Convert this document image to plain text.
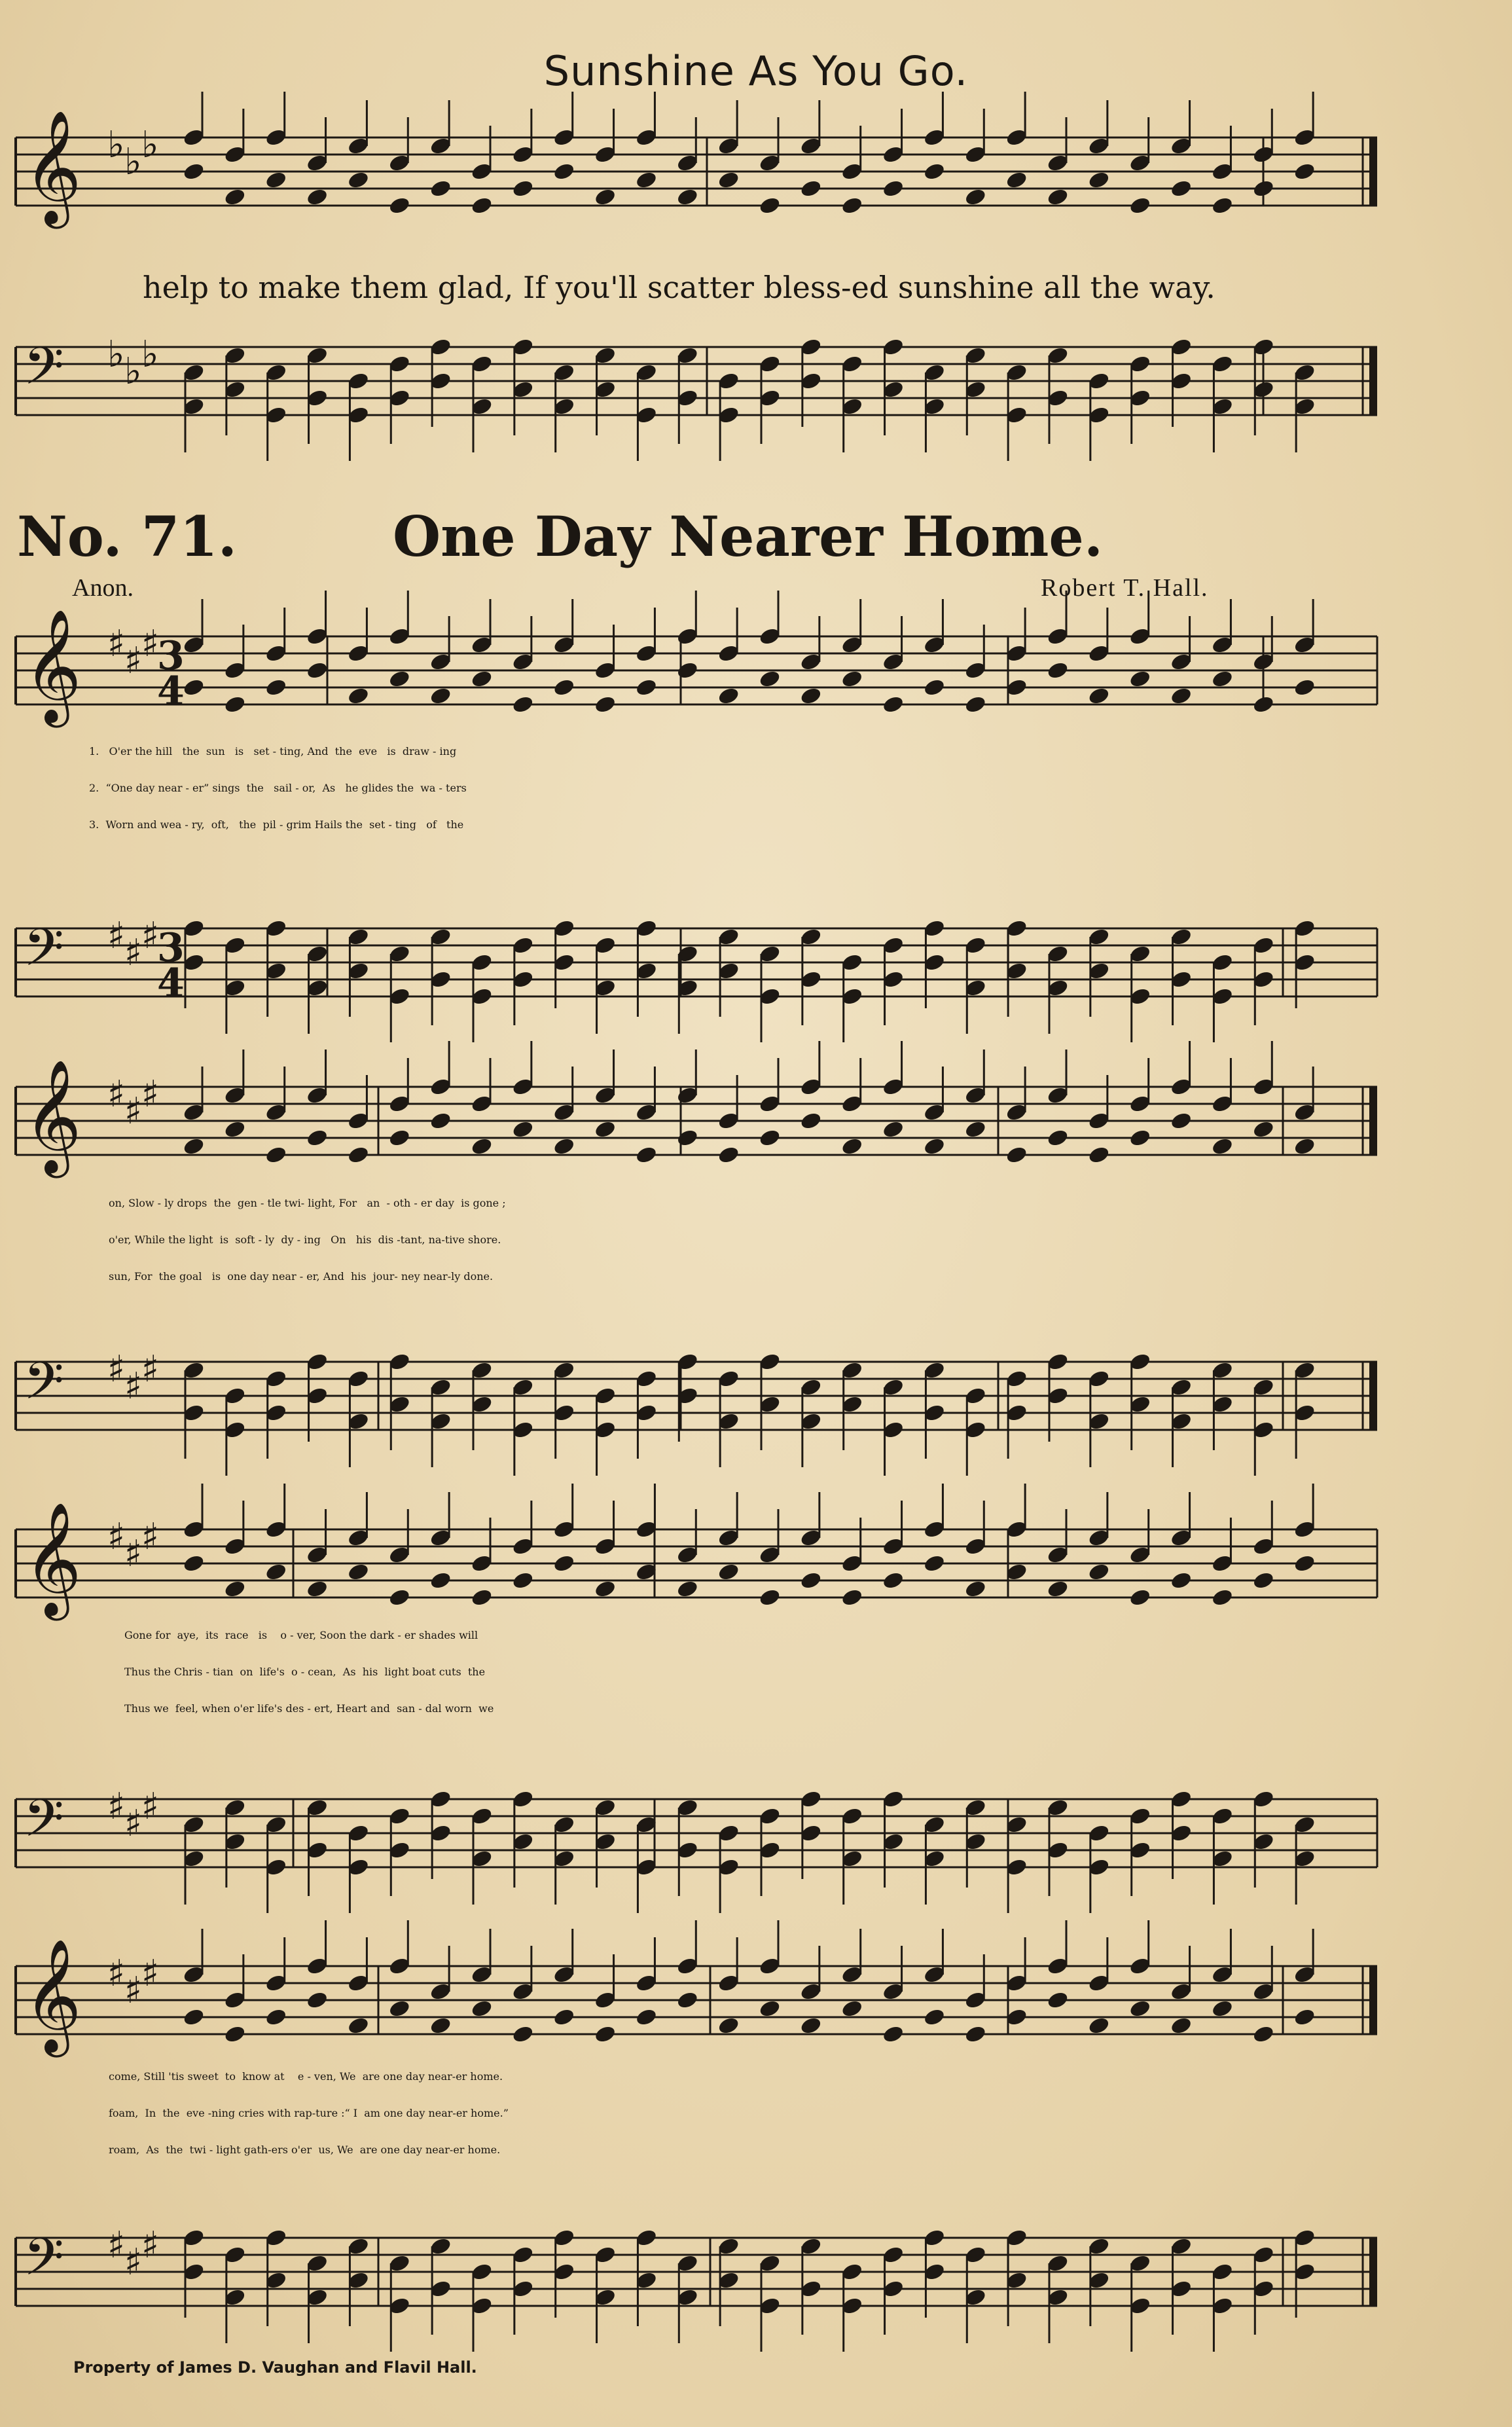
Sunshine As You Go.
help to make them glad, If you'll scatter bless-ed sunshine all the way.
No. 71.	One Day Nearer Home.
Anon.	Robert T. Hall.
1.   O'er the hill   the  sun   is   set - ting, And  the  eve   is  draw - ing
2.  “One day near - er” sings  the   sail - or,  As   he glides the  wa - ters
3.  Worn and wea - ry,  oft,   the  pil - grim Hails the  set - ting   of   the
on, Slow - ly drops  the  gen - tle twi- light, For   an  - oth - er day  is gone ;
o'er, While the light  is  soft - ly  dy - ing   On   his  dis -tant, na-tive shore.
sun, For  the goal   is  one day near - er, And  his  jour- ney near-ly done.
Gone for  aye,  its  race   is    o - ver, Soon the dark - er shades will
Thus the Chris - tian  on  life's  o - cean,  As  his  light boat cuts  the
Thus we  feel, when o'er life's des - ert, Heart and  san - dal worn  we
come, Still 'tis sweet  to  know at    e - ven, We  are one day near-er home.
foam,  In  the  eve -ning cries with rap-ture :“ I  am one day near-er home.”
roam,  As  the  twi - light gath-ers o'er  us, We  are one day near-er home.
Property of James D. Vaughan and Flavil Hall.
𝄞 ♭ ♭ ♭
𝄢 ♭ ♭ ♭
𝄞 ♯
♯
♯
𝄢 ♯
♯
♯
𝄞 ♯
♯
♯
𝄢 ♯
♯
♯
𝄞 ♯
♯
♯
𝄢 ♯
♯
♯
𝄞 ♯
♯
♯
𝄢 ♯
♯
♯
3
4
3
4
